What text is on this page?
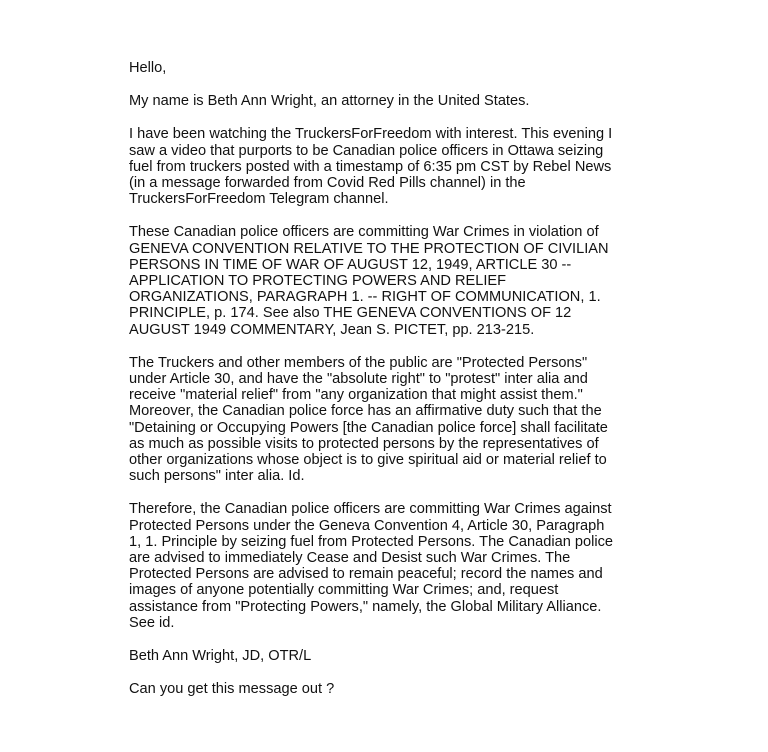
Hello,

My name is Beth Ann Wright, an attorney in the United States.

I have been watching the TruckersForFreedom with interest. This evening I
saw a video that purports to be Canadian police officers in Ottawa seizing
fuel from truckers posted with a timestamp of 6:35 pm CST by Rebel News
(in a message forwarded from Covid Red Pills channel) in the
TruckersForFreedom Telegram channel.

These Canadian police officers are committing War Crimes in violation of
GENEVA CONVENTION RELATIVE TO THE PROTECTION OF CIVILIAN
PERSONS IN TIME OF WAR OF AUGUST 12, 1949, ARTICLE 30 --
APPLICATION TO PROTECTING POWERS AND RELIEF
ORGANIZATIONS, PARAGRAPH 1. -- RIGHT OF COMMUNICATION, 1.
PRINCIPLE, p. 174. See also THE GENEVA CONVENTIONS OF 12
AUGUST 1949 COMMENTARY, Jean S. PICTET, pp. 213-215.

The Truckers and other members of the public are "Protected Persons"
under Article 30, and have the "absolute right" to "protest" inter alia and
receive "material relief" from "any organization that might assist them."
Moreover, the Canadian police force has an affirmative duty such that the
"Detaining or Occupying Powers [the Canadian police force] shall facilitate
as much as possible visits to protected persons by the representatives of
other organizations whose object is to give spiritual aid or material relief to
such persons" inter alia. Id.

Therefore, the Canadian police officers are committing War Crimes against
Protected Persons under the Geneva Convention 4, Article 30, Paragraph
1, 1. Principle by seizing fuel from Protected Persons. The Canadian police
are advised to immediately Cease and Desist such War Crimes. The
Protected Persons are advised to remain peaceful; record the names and
images of anyone potentially committing War Crimes; and, request
assistance from "Protecting Powers," namely, the Global Military Alliance.
See id.

Beth Ann Wright, JD, OTR/L

Can you get this message out ?
